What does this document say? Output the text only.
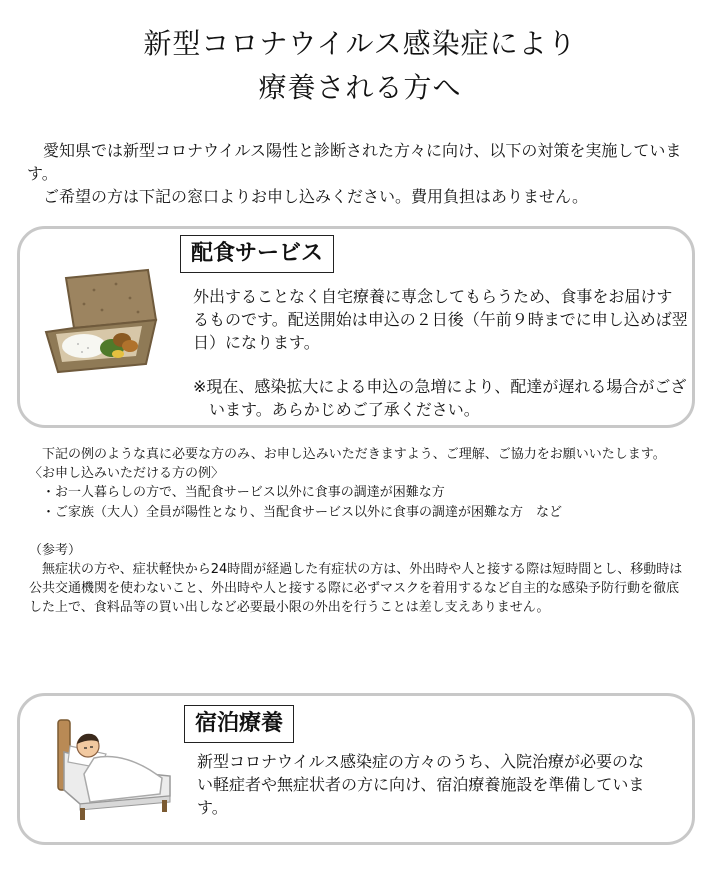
新型コロナウイルス感染症により
療養される方へ

愛知県では新型コロナウイルス陽性と診断された方々に向け、以下の対策を実施しています。

ご希望の方は下記の窓口よりお申し込みください。費用負担はありません。

配食サービス

外出することなく自宅療養に専念してもらうため、食事をお届けするものです。配送開始は申込の２日後（午前９時までに申し込めば翌日）になります。

※現在、感染拡大による申込の急増により、配達が遅れる場合がございます。あらかじめご了承ください。

下記の例のような真に必要な方のみ、お申し込みいただきますよう、ご理解、ご協力をお願いいたします。

〈お申し込みいただける方の例〉

・お一人暮らしの方で、当配食サービス以外に食事の調達が困難な方

・ご家族（大人）全員が陽性となり、当配食サービス以外に食事の調達が困難な方　など

（参考）

無症状の方や、症状軽快から24時間が経過した有症状の方は、外出時や人と接する際は短時間とし、移動時は公共交通機関を使わないこと、外出時や人と接する際に必ずマスクを着用するなど自主的な感染予防行動を徹底した上で、食料品等の買い出しなど必要最小限の外出を行うことは差し支えありません。

宿泊療養
新型コロナウイルス感染症の方々のうち、入院治療が必要のない軽症者や無症状者の方に向け、宿泊療養施設を準備しています。
